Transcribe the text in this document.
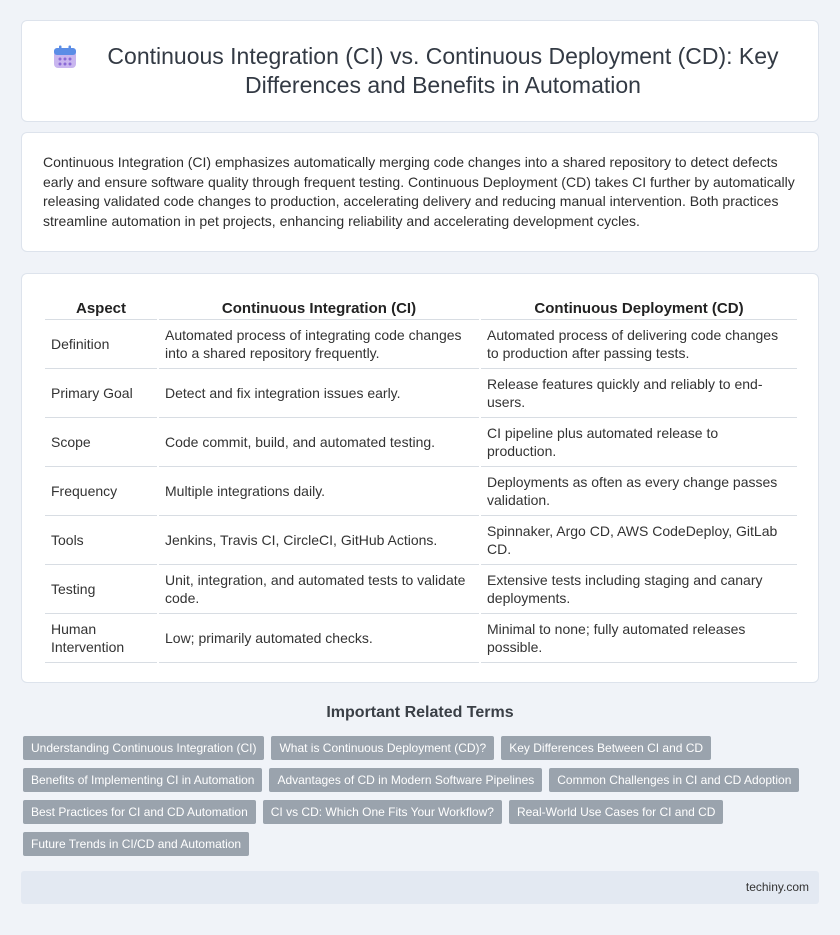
Continuous Integration (CI) vs. Continuous Deployment (CD): Key Differences and Benefits in Automation

Continuous Integration (CI) emphasizes automatically merging code changes into a shared repository to detect defects early and ensure software quality through frequent testing. Continuous Deployment (CD) takes CI further by automatically releasing validated code changes to production, accelerating delivery and reducing manual intervention. Both practices streamline automation in pet projects, enhancing reliability and accelerating development cycles.

Aspect	Continuous Integration (CI)	Continuous Deployment (CD)
Definition	Automated process of integrating code changes into a shared repository frequently.	Automated process of delivering code changes to production after passing tests.
Primary Goal	Detect and fix integration issues early.	Release features quickly and reliably to end-users.
Scope	Code commit, build, and automated testing.	CI pipeline plus automated release to production.
Frequency	Multiple integrations daily.	Deployments as often as every change passes validation.
Tools	Jenkins, Travis CI, CircleCI, GitHub Actions.	Spinnaker, Argo CD, AWS CodeDeploy, GitLab CD.
Testing	Unit, integration, and automated tests to validate code.	Extensive tests including staging and canary deployments.
Human Intervention	Low; primarily automated checks.	Minimal to none; fully automated releases possible.
Important Related Terms
Understanding Continuous Integration (CI)	What is Continuous Deployment (CD)?	Key Differences Between CI and CD
Benefits of Implementing CI in Automation	Advantages of CD in Modern Software Pipelines	Common Challenges in CI and CD Adoption
Best Practices for CI and CD Automation	CI vs CD: Which One Fits Your Workflow?	Real-World Use Cases for CI and CD
Future Trends in CI/CD and Automation
techiny.com
